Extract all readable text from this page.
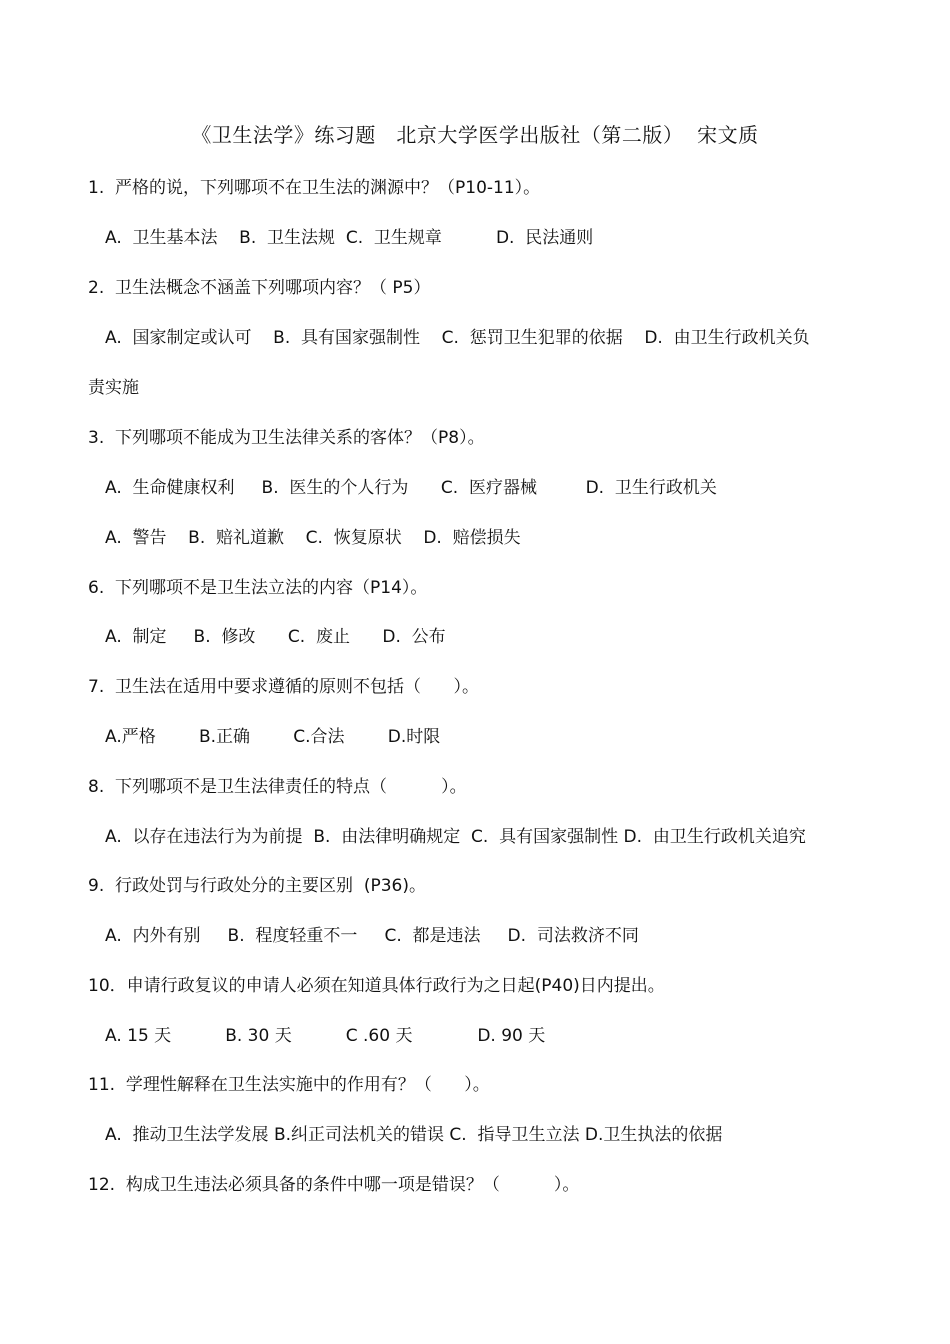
《卫生法学》练习题   北京大学医学出版社（第二版）  宋文质
1.  严格的说，下列哪项不在卫生法的渊源中？（P10-11）。
A.  卫生基本法    B.  卫生法规  C.  卫生规章          D.  民法通则
2.  卫生法概念不涵盖下列哪项内容？（ P5）
A.  国家制定或认可    B.  具有国家强制性    C.  惩罚卫生犯罪的依据    D.  由卫生行政机关负
责实施
3.  下列哪项不能成为卫生法律关系的客体？（P8）。
A.  生命健康权利     B.  医生的个人行为      C.  医疗器械         D.  卫生行政机关
A.  警告    B.  赔礼道歉    C.  恢复原状    D.  赔偿损失
6.  下列哪项不是卫生法立法的内容（P14）。
A.  制定     B.  修改      C.  废止      D.  公布
7.  卫生法在适用中要求遵循的原则不包括（      ）。
A.严格        B.正确        C.合法        D.时限
8.  下列哪项不是卫生法律责任的特点（          ）。
A.  以存在违法行为为前提  B.  由法律明确规定  C.  具有国家强制性 D.  由卫生行政机关追究
9.  行政处罚与行政处分的主要区别  (P36)。
A.  内外有别     B.  程度轻重不一     C.  都是违法     D.  司法救济不同
10．申请行政复议的申请人必须在知道具体行政行为之日起(P40)日内提出。
A. 15 天          B. 30 天          C .60 天            D. 90 天
11.  学理性解释在卫生法实施中的作用有？（      ）。
A.  推动卫生法学发展 B.纠正司法机关的错误 C.  指导卫生立法 D.卫生执法的依据
12.  构成卫生违法必须具备的条件中哪一项是错误？（          ）。
